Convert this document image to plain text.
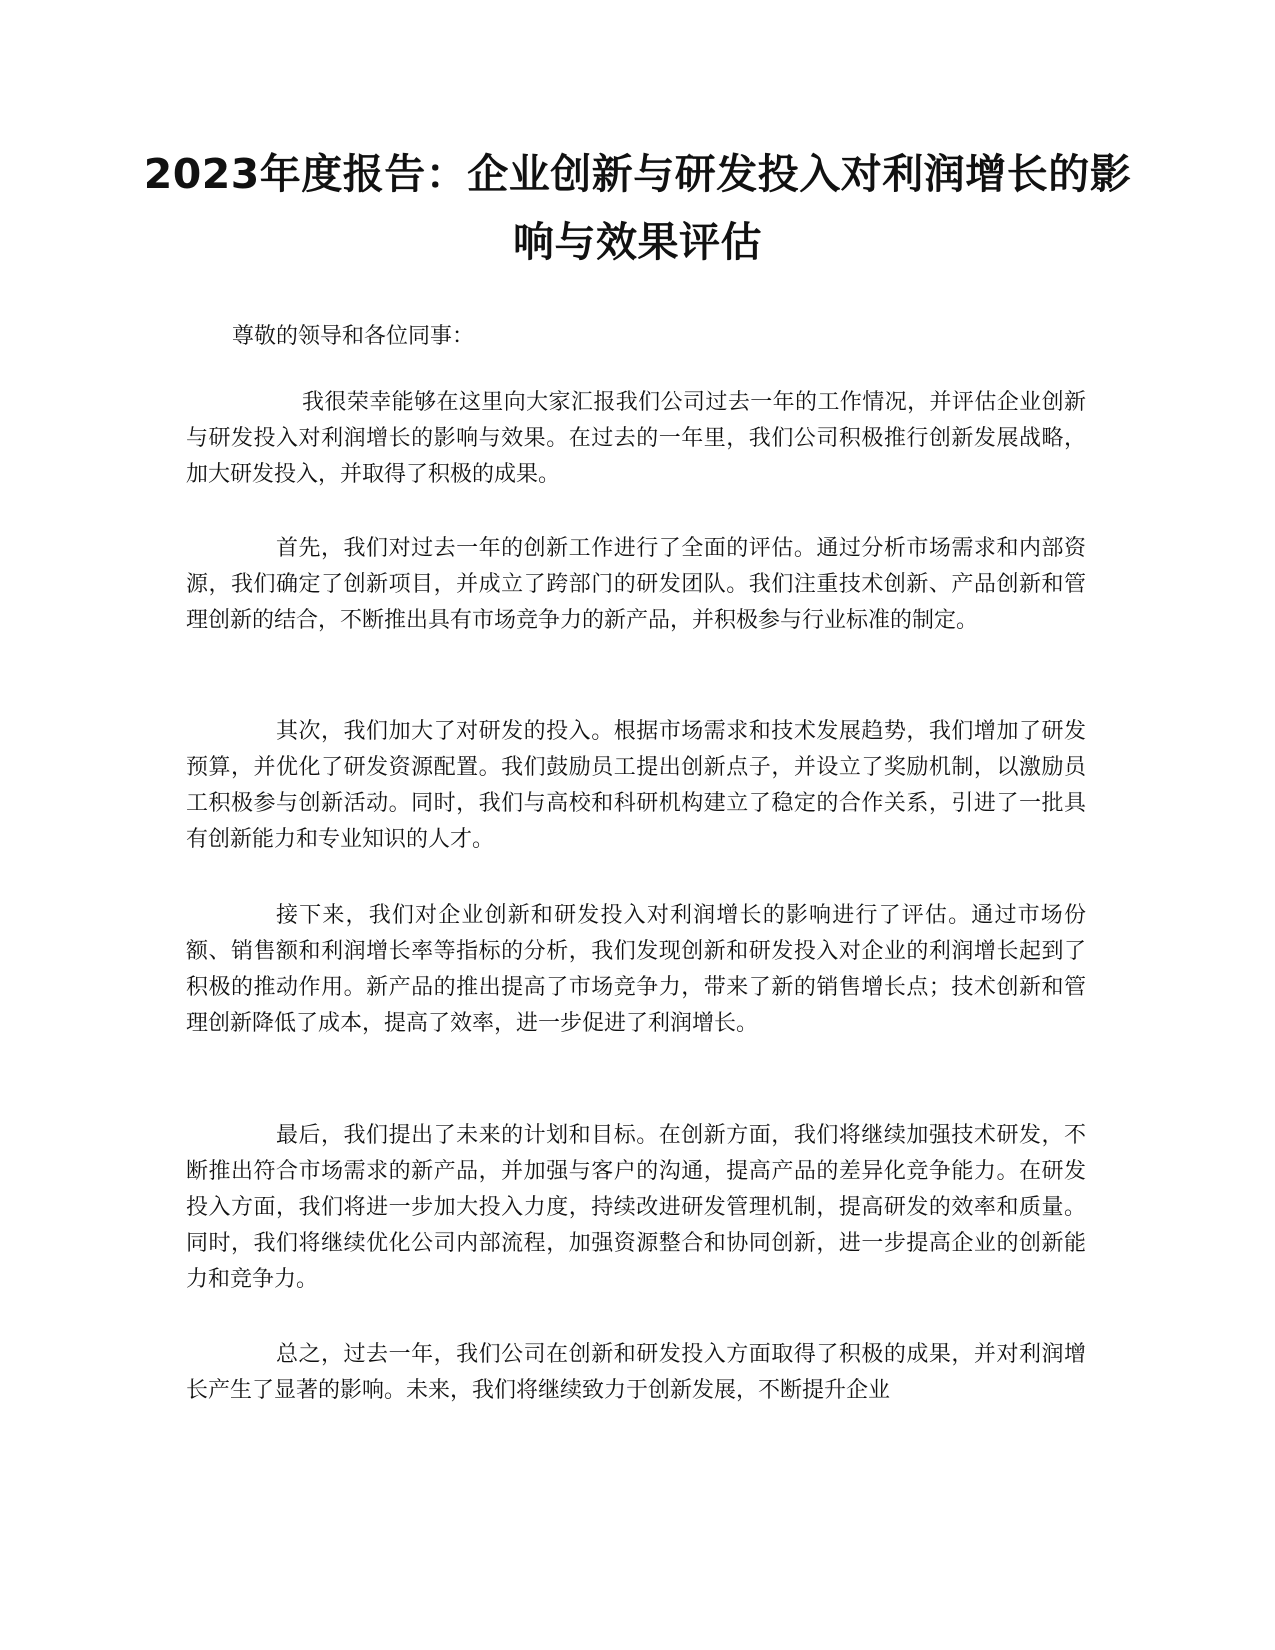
2023年度报告：企业创新与研发投入对利润增长的影响与效果评估

尊敬的领导和各位同事：

我很荣幸能够在这里向大家汇报我们公司过去一年的工作情况，并评估企业创新与研发投入对利润增长的影响与效果。在过去的一年里，我们公司积极推行创新发展战略，加大研发投入，并取得了积极的成果。

首先，我们对过去一年的创新工作进行了全面的评估。通过分析市场需求和内部资源，我们确定了创新项目，并成立了跨部门的研发团队。我们注重技术创新、产品创新和管理创新的结合，不断推出具有市场竞争力的新产品，并积极参与行业标准的制定。

其次，我们加大了对研发的投入。根据市场需求和技术发展趋势，我们增加了研发预算，并优化了研发资源配置。我们鼓励员工提出创新点子，并设立了奖励机制，以激励员工积极参与创新活动。同时，我们与高校和科研机构建立了稳定的合作关系，引进了一批具有创新能力和专业知识的人才。

接下来，我们对企业创新和研发投入对利润增长的影响进行了评估。通过市场份额、销售额和利润增长率等指标的分析，我们发现创新和研发投入对企业的利润增长起到了积极的推动作用。新产品的推出提高了市场竞争力，带来了新的销售增长点；技术创新和管理创新降低了成本，提高了效率，进一步促进了利润增长。

最后，我们提出了未来的计划和目标。在创新方面，我们将继续加强技术研发，不断推出符合市场需求的新产品，并加强与客户的沟通，提高产品的差异化竞争能力。在研发投入方面，我们将进一步加大投入力度，持续改进研发管理机制，提高研发的效率和质量。同时，我们将继续优化公司内部流程，加强资源整合和协同创新，进一步提高企业的创新能力和竞争力。

总之，过去一年，我们公司在创新和研发投入方面取得了积极的成果，并对利润增长产生了显著的影响。未来，我们将继续致力于创新发展，不断提升企业
